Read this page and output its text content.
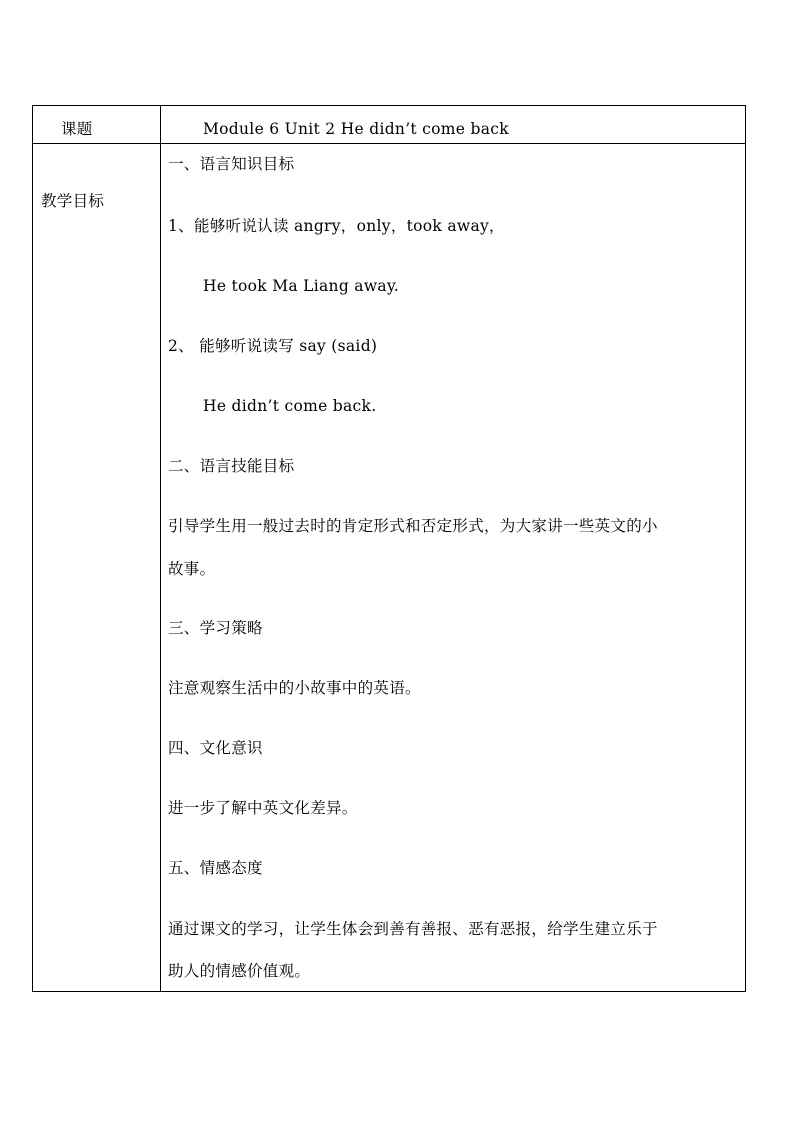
课题	Module 6 Unit 2 He didn’t come back
教学目标
一、语言知识目标
1、能够听说认读 angry，only，took away，
He took Ma Liang away.
2、 能够听说读写 say (said)
He didn’t come back.
二、语言技能目标
引导学生用一般过去时的肯定形式和否定形式，为大家讲一些英文的小
故事。
三、学习策略
注意观察生活中的小故事中的英语。
四、文化意识
进一步了解中英文化差异。
五、情感态度
通过课文的学习，让学生体会到善有善报、恶有恶报，给学生建立乐于
助人的情感价值观。
